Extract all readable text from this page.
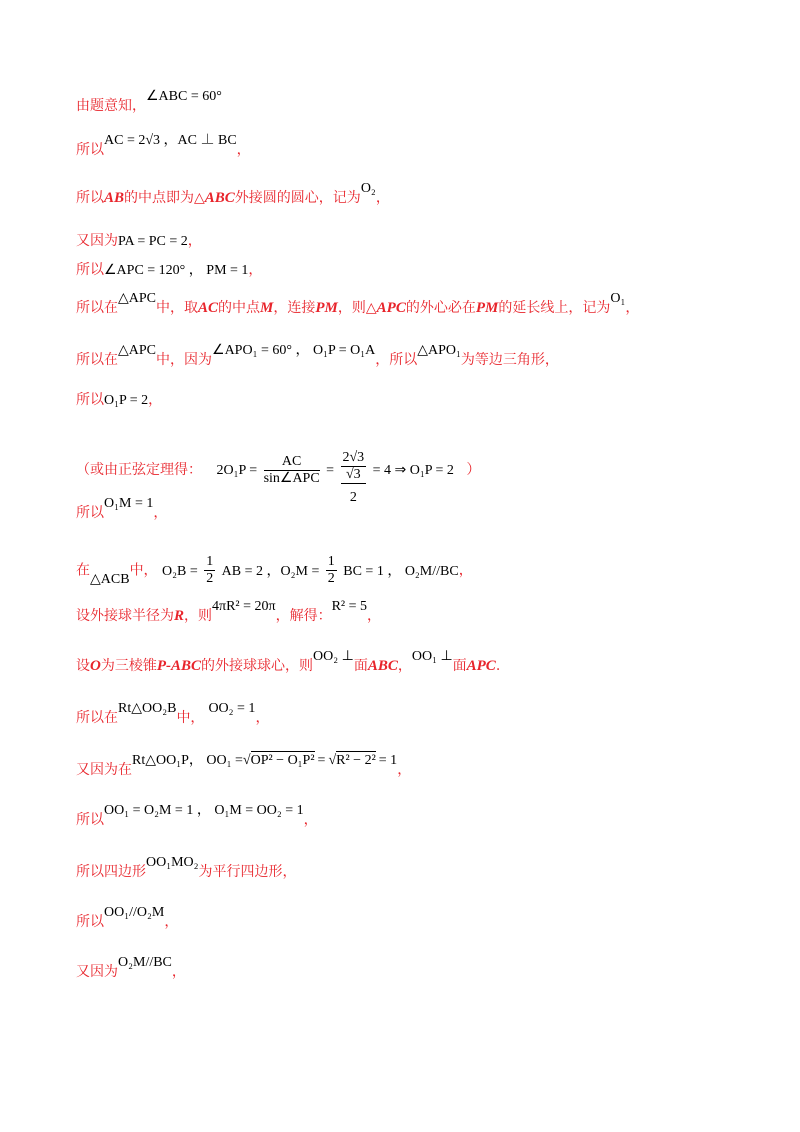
由题意知，∠ABC = 60°
所以AC = 2√3 ，AC ⊥ BC，
所以AB的中点即为△ABC外接圆的圆心，记为O₂，
又因为PA = PC = 2，
所以∠APC = 120° ， PM = 1，
所以在△APC中，取AC的中点M，连接PM，则△APC的外心必在PM的延长线上，记为O₁，
所以在△APC中，因为∠APO₁ = 60° ， O₁P = O₁A，所以△APO₁为等边三角形，
所以O₁P = 2，
（或由正弦定理得： $2O_1P = \frac{AC}{\text{sin∠APC}} = 2√3$
√3
2 = 4 ⇒ O₁P = 2 ）
所以O₁M = 1，
在△ACB中， $O_2B = \frac{1}{2}$ AB = 2 ，$O_2M = \frac{1}{2}$ BC = 1 ， O₂M//BC，
设外接球半径为R，则4πR² = 20π，解得：R² = 5，
设O为三棱锥P-ABC的外接球球心，则OO₂ ⊥面ABC，OO₁ ⊥面APC.
所以在Rt△OO₂B中，OO₂ = 1，
又因为在Rt△OO₁P， OO₁ =√OP² − O₁P² = √R² − 2² = 1，
所以OO₁ = O₂M = 1 ， O₁M = OO₂ = 1，
所以四边形OO₁MO₂为平行四边形，
所以OO₁//O₂M，
又因为O₂M//BC，
